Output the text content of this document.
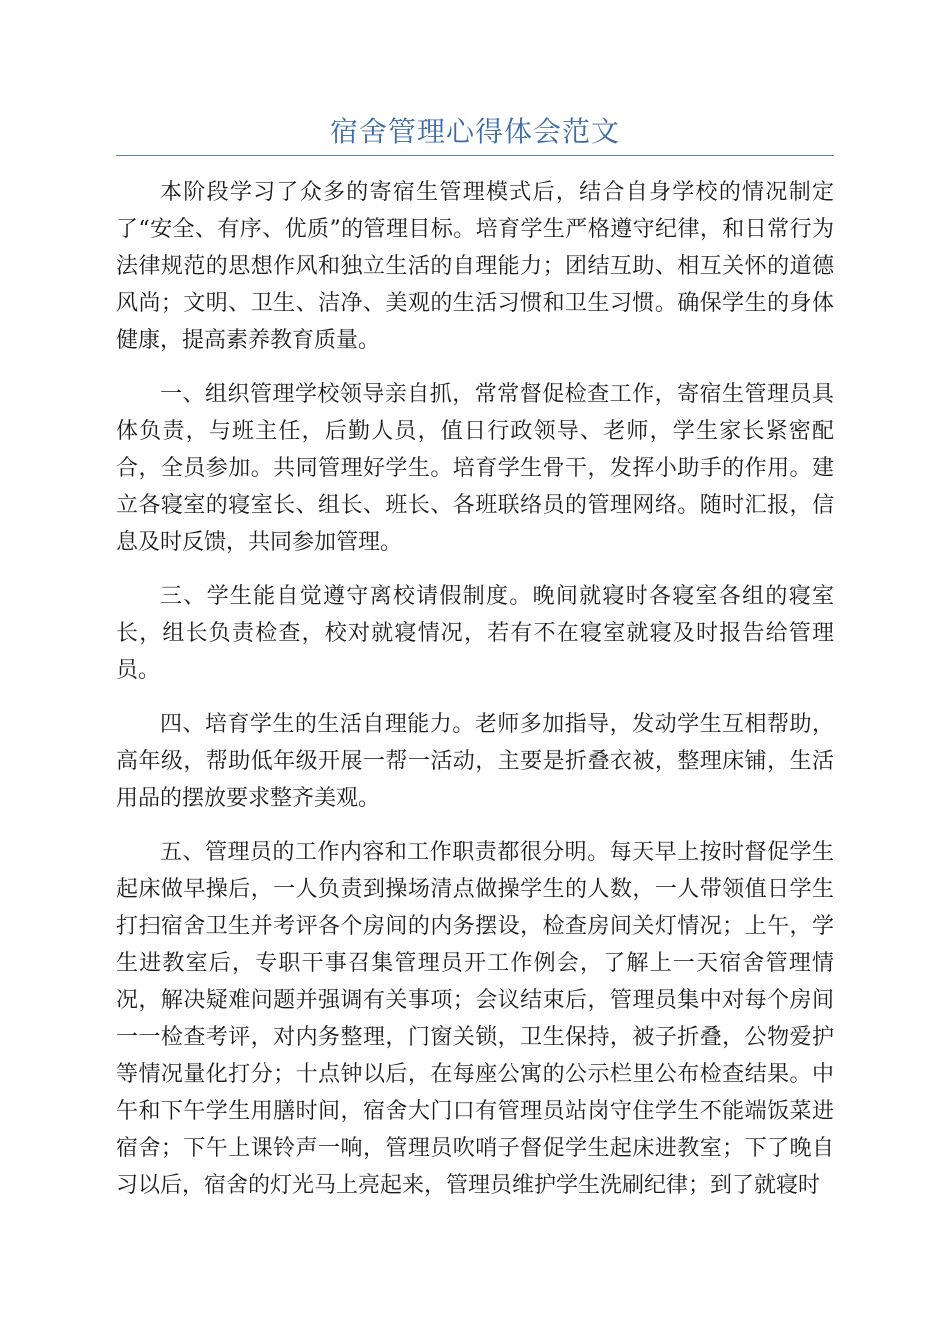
宿舍管理心得体会范文

本阶段学习了众多的寄宿生管理模式后，结合自身学校的情况制定了“安全、有序、优质”的管理目标。培育学生严格遵守纪律，和日常行为法律规范的思想作风和独立生活的自理能力；团结互助、相互关怀的道德风尚；文明、卫生、洁净、美观的生活习惯和卫生习惯。确保学生的身体健康，提高素养教育质量。

一、组织管理学校领导亲自抓，常常督促检查工作，寄宿生管理员具体负责，与班主任，后勤人员，值日行政领导、老师，学生家长紧密配合，全员参加。共同管理好学生。培育学生骨干，发挥小助手的作用。建立各寝室的寝室长、组长、班长、各班联络员的管理网络。随时汇报，信息及时反馈，共同参加管理。

三、学生能自觉遵守离校请假制度。晚间就寝时各寝室各组的寝室长，组长负责检查，校对就寝情况，若有不在寝室就寝及时报告给管理员。

四、培育学生的生活自理能力。老师多加指导，发动学生互相帮助，高年级，帮助低年级开展一帮一活动，主要是折叠衣被，整理床铺，生活用品的摆放要求整齐美观。

五、管理员的工作内容和工作职责都很分明。每天早上按时督促学生起床做早操后，一人负责到操场清点做操学生的人数，一人带领值日学生打扫宿舍卫生并考评各个房间的内务摆设，检查房间关灯情况；上午，学生进教室后，专职干事召集管理员开工作例会，了解上一天宿舍管理情况，解决疑难问题并强调有关事项；会议结束后，管理员集中对每个房间一一检查考评，对内务整理，门窗关锁，卫生保持，被子折叠，公物爱护等情况量化打分；十点钟以后，在每座公寓的公示栏里公布检查结果。中午和下午学生用膳时间，宿舍大门口有管理员站岗守住学生不能端饭菜进宿舍；下午上课铃声一响，管理员吹哨子督促学生起床进教室；下了晚自习以后，宿舍的灯光马上亮起来，管理员维护学生洗刷纪律；到了就寝时
